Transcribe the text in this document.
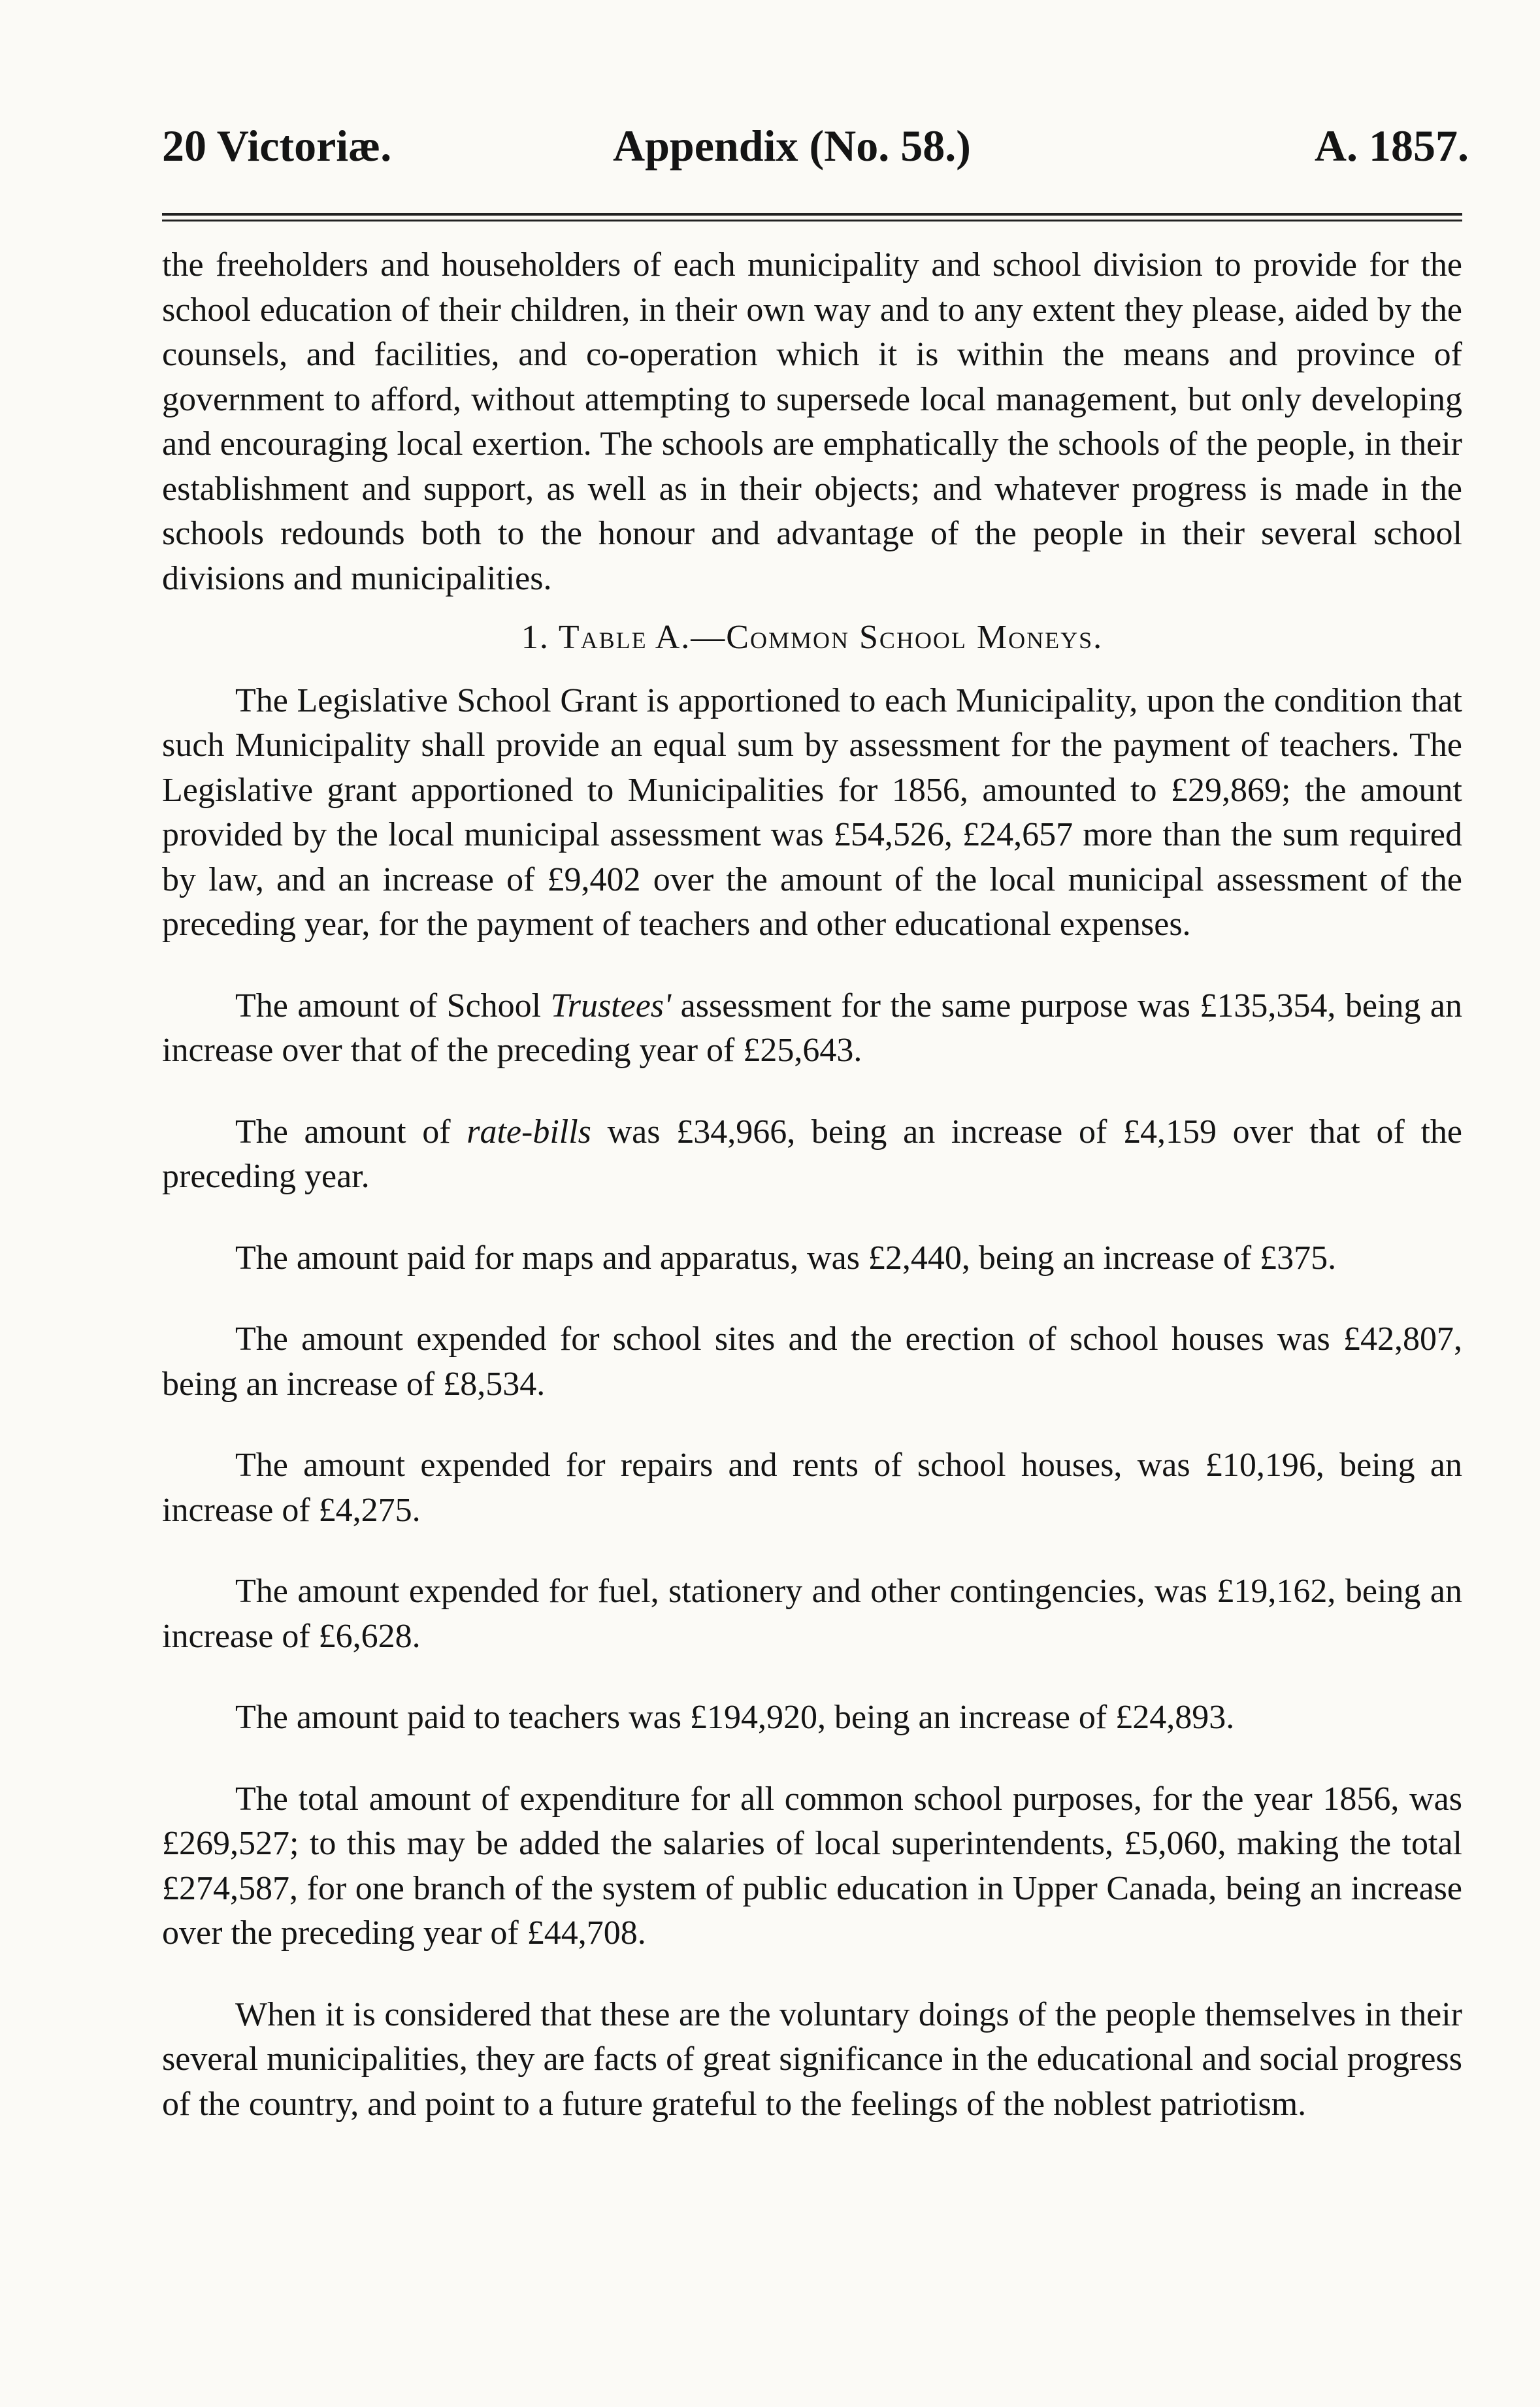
20 Victoriæ.	Appendix (No. 58.)	A. 1857.

the freeholders and householders of each municipality and school division to provide for the school education of their children, in their own way and to any extent they please, aided by the counsels, and facilities, and co-operation which it is within the means and province of government to afford, without attempting to supersede local management, but only developing and encouraging local exertion. The schools are emphatically the schools of the people, in their establishment and support, as well as in their objects; and whatever progress is made in the schools redounds both to the honour and advantage of the people in their several school divisions and municipalities.

1. Table A.—Common School Moneys.

The Legislative School Grant is apportioned to each Municipality, upon the condition that such Municipality shall provide an equal sum by assessment for the payment of teachers. The Legislative grant apportioned to Municipalities for 1856, amounted to £29,869; the amount provided by the local municipal assessment was £54,526, £24,657 more than the sum required by law, and an increase of £9,402 over the amount of the local municipal assessment of the preceding year, for the payment of teachers and other educational expenses.

The amount of School Trustees' assessment for the same purpose was £135,354, being an increase over that of the preceding year of £25,643.

The amount of rate-bills was £34,966, being an increase of £4,159 over that of the preceding year.

The amount paid for maps and apparatus, was £2,440, being an increase of £375.

The amount expended for school sites and the erection of school houses was £42,807, being an increase of £8,534.

The amount expended for repairs and rents of school houses, was £10,196, being an increase of £4,275.

The amount expended for fuel, stationery and other contingencies, was £19,162, being an increase of £6,628.

The amount paid to teachers was £194,920, being an increase of £24,893.

The total amount of expenditure for all common school purposes, for the year 1856, was £269,527; to this may be added the salaries of local superintendents, £5,060, making the total £274,587, for one branch of the system of public education in Upper Canada, being an increase over the preceding year of £44,708.

When it is considered that these are the voluntary doings of the people themselves in their several municipalities, they are facts of great significance in the educational and social progress of the country, and point to a future grateful to the feelings of the noblest patriotism.
